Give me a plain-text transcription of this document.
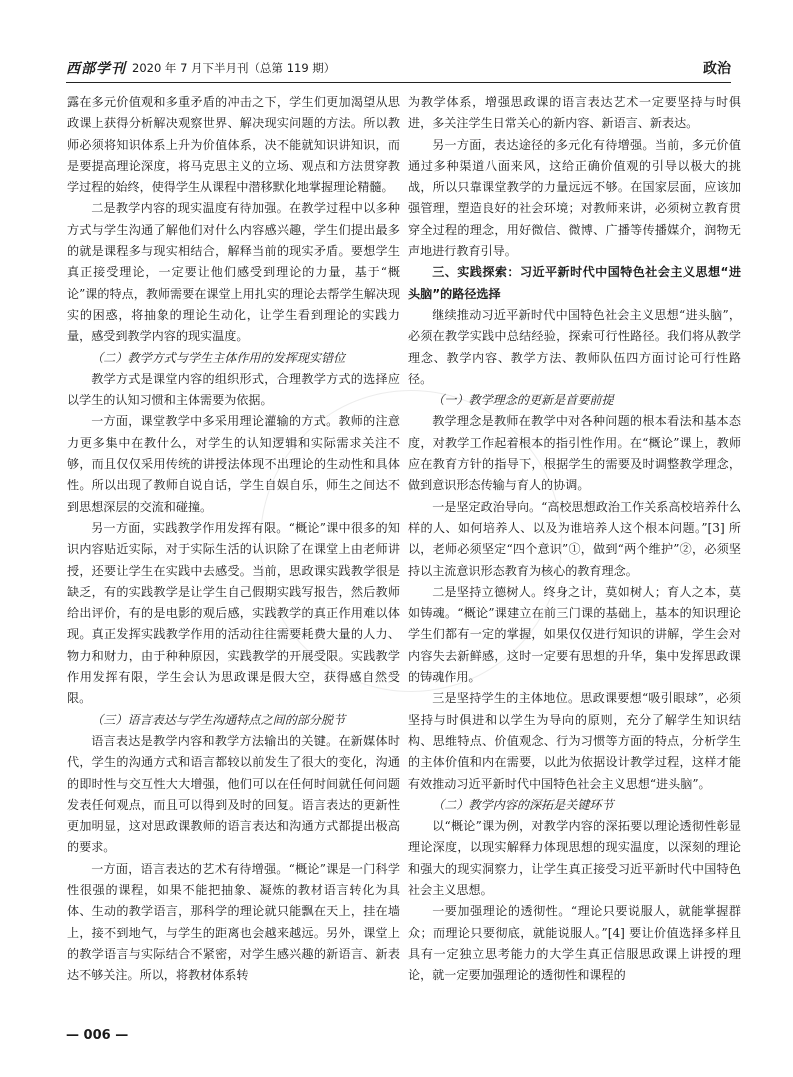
西部学刊 2020 年 7 月下半月刊（总第 119 期）	政治

露在多元价值观和多重矛盾的冲击之下，学生们更加渴望从思政课上获得分析解决观察世界、解决现实问题的方法。所以教师必须将知识体系上升为价值体系，决不能就知识讲知识，而是要提高理论深度，将马克思主义的立场、观点和方法贯穿教学过程的始终，使得学生从课程中潜移默化地掌握理论精髓。

二是教学内容的现实温度有待加强。在教学过程中以多种方式与学生沟通了解他们对什么内容感兴趣，学生们提出最多的就是课程多与现实相结合，解释当前的现实矛盾。要想学生真正接受理论，一定要让他们感受到理论的力量，基于“概论”课的特点，教师需要在课堂上用扎实的理论去帮学生解决现实的困惑，将抽象的理论生动化，让学生看到理论的实践力量，感受到教学内容的现实温度。

（二）教学方式与学生主体作用的发挥现实错位

教学方式是课堂内容的组织形式，合理教学方式的选择应以学生的认知习惯和主体需要为依据。

一方面，课堂教学中多采用理论灌输的方式。教师的注意力更多集中在教什么，对学生的认知逻辑和实际需求关注不够，而且仅仅采用传统的讲授法体现不出理论的生动性和具体性。所以出现了教师自说自话，学生自娱自乐，师生之间达不到思想深层的交流和碰撞。

另一方面，实践教学作用发挥有限。“概论”课中很多的知识内容贴近实际，对于实际生活的认识除了在课堂上由老师讲授，还要让学生在实践中去感受。当前，思政课实践教学很是缺乏，有的实践教学是让学生自己假期实践写报告，然后教师给出评价，有的是电影的观后感，实践教学的真正作用难以体现。真正发挥实践教学作用的活动往往需要耗费大量的人力、物力和财力，由于种种原因，实践教学的开展受限。实践教学作用发挥有限，学生会认为思政课是假大空，获得感自然受限。

（三）语言表达与学生沟通特点之间的部分脱节

语言表达是教学内容和教学方法输出的关键。在新媒体时代，学生的沟通方式和语言都较以前发生了很大的变化，沟通的即时性与交互性大大增强，他们可以在任何时间就任何问题发表任何观点，而且可以得到及时的回复。语言表达的更新性更加明显，这对思政课教师的语言表达和沟通方式都提出极高的要求。

一方面，语言表达的艺术有待增强。“概论”课是一门科学性很强的课程，如果不能把抽象、凝炼的教材语言转化为具体、生动的教学语言，那科学的理论就只能飘在天上，挂在墙上，接不到地气，与学生的距离也会越来越远。另外，课堂上的教学语言与实际结合不紧密，对学生感兴趣的新语言、新表达不够关注。所以，将教材体系转

为教学体系，增强思政课的语言表达艺术一定要坚持与时俱进，多关注学生日常关心的新内容、新语言、新表达。

另一方面，表达途径的多元化有待增强。当前，多元价值通过多种渠道八面来风，这给正确价值观的引导以极大的挑战，所以只靠课堂教学的力量远远不够。在国家层面，应该加强管理，塑造良好的社会环境；对教师来讲，必须树立教育贯穿全过程的理念，用好微信、微博、广播等传播媒介，润物无声地进行教育引导。

三、实践探索：习近平新时代中国特色社会主义思想“进头脑”的路径选择

继续推动习近平新时代中国特色社会主义思想“进头脑”，必须在教学实践中总结经验，探索可行性路径。我们将从教学理念、教学内容、教学方法、教师队伍四方面讨论可行性路径。

（一）教学理念的更新是首要前提

教学理念是教师在教学中对各种问题的根本看法和基本态度，对教学工作起着根本的指引性作用。在“概论”课上，教师应在教育方针的指导下，根据学生的需要及时调整教学理念，做到意识形态传输与育人的协调。

一是坚定政治导向。“高校思想政治工作关系高校培养什么样的人、如何培养人、以及为谁培养人这个根本问题。”[3] 所以，老师必须坚定“四个意识”①，做到“两个维护”②，必须坚持以主流意识形态教育为核心的教育理念。

二是坚持立德树人。终身之计，莫如树人；育人之本，莫如铸魂。“概论”课建立在前三门课的基础上，基本的知识理论学生们都有一定的掌握，如果仅仅进行知识的讲解，学生会对内容失去新鲜感，这时一定要有思想的升华，集中发挥思政课的铸魂作用。

三是坚持学生的主体地位。思政课要想“吸引眼球”，必须坚持与时俱进和以学生为导向的原则，充分了解学生知识结构、思维特点、价值观念、行为习惯等方面的特点，分析学生的主体价值和内在需要，以此为依据设计教学过程，这样才能有效推动习近平新时代中国特色社会主义思想“进头脑”。

（二）教学内容的深拓是关键环节

以“概论”课为例，对教学内容的深拓要以理论透彻性彰显理论深度，以现实解释力体现思想的现实温度，以深刻的理论和强大的现实洞察力，让学生真正接受习近平新时代中国特色社会主义思想。

一要加强理论的透彻性。“理论只要说服人，就能掌握群众；而理论只要彻底，就能说服人。”[4] 要让价值选择多样且具有一定独立思考能力的大学生真正信服思政课上讲授的理论，就一定要加强理论的透彻性和课程的

— 006 —
